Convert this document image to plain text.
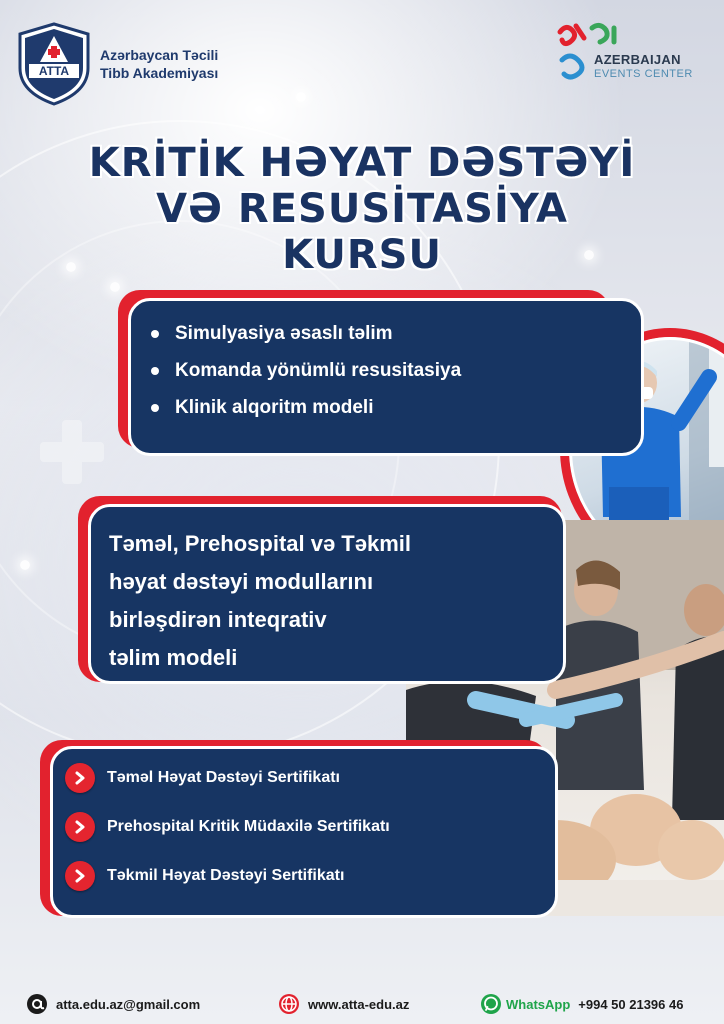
ATTA
Azərbaycan Təcili
Tibb Akademiyası
AZERBAIJAN
EVENTS CENTER
KRİTİK HƏYAT DƏSTƏYİ
VƏ RESUSİTASİYA
KURSU
Simulyasiya əsaslı təlim
Komanda yönümlü resusitasiya
Klinik alqoritm modeli
Təməl, Prehospital və Təkmil
həyat dəstəyi modullarını
birləşdirən inteqrativ
təlim modeli
Təməl Həyat Dəstəyi Sertifikatı
Prehospital Kritik Müdaxilə Sertifikatı
Təkmil Həyat Dəstəyi Sertifikatı
atta.edu.az@gmail.com	www.atta-edu.az	WhatsApp +994 50 21396 46
